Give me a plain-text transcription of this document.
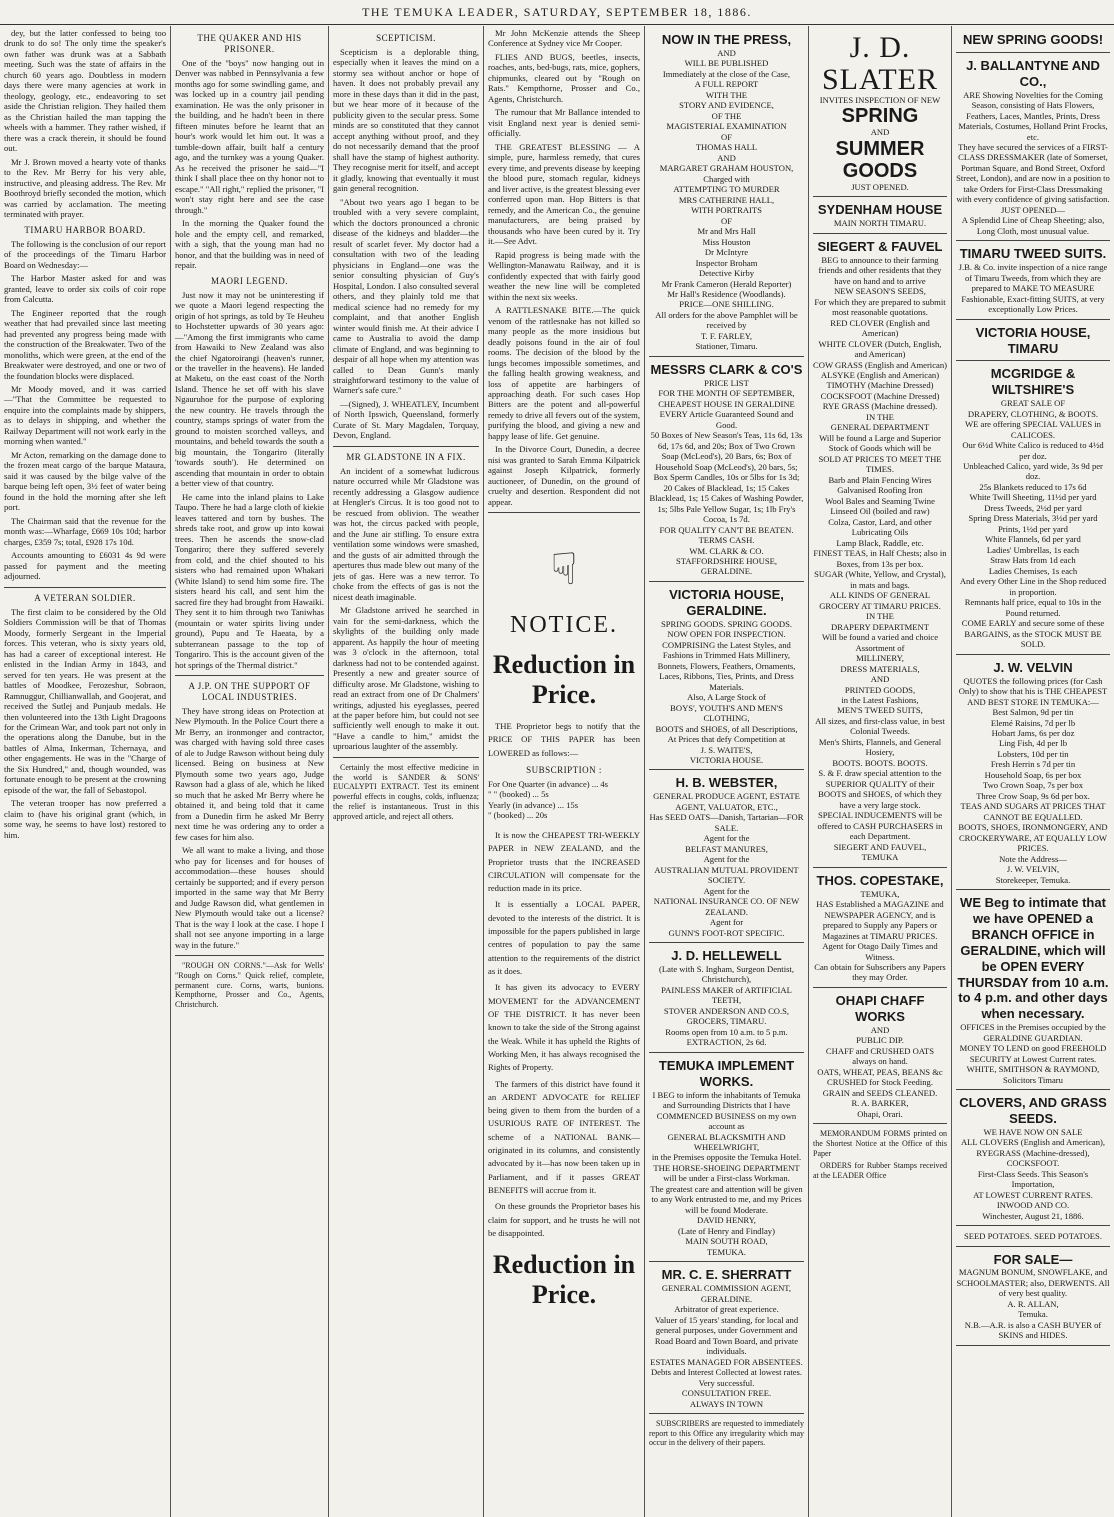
THE TEMUKA LEADER, SATURDAY, SEPTEMBER 18, 1886.

dey, but the latter confessed to being too drunk to do so! The only time the speaker's own father was drunk was at a Sabbath meeting. Such was the state of affairs in the church 60 years ago. Doubtless in modern days there were many agencies at work in theology, geology, etc., endeavoring to set aside the Christian religion. They hailed them as the Christian hailed the man tapping the wheels with a hammer. They rather wished, if there was a crack therein, it should be found out.

Mr J. Brown moved a hearty vote of thanks to the Rev. Mr Berry for his very able, instructive, and pleasing address. The Rev. Mr Boothroyd briefly seconded the motion, which was carried by acclamation. The meeting terminated with prayer.

TIMARU HARBOR BOARD.

The following is the conclusion of our report of the proceedings of the Timaru Harbor Board on Wednesday:—

The Harbor Master asked for and was granted, leave to order six coils of coir rope from Calcutta.

The Engineer reported that the rough weather that had prevailed since last meeting had prevented any progress being made with the construction of the Breakwater. Two of the monoliths, which were green, at the end of the Breakwater were destroyed, and one or two of the foundation blocks were displaced.

Mr Moody moved, and it was carried—"That the Committee be requested to enquire into the complaints made by shippers, as to delays in shipping, and whether the Railway Department will not work early in the morning when wanted."

Mr Acton, remarking on the damage done to the frozen meat cargo of the barque Mataura, said it was caused by the bilge valve of the barque being left open, 3½ feet of water being found in the hold the morning after she left port.

The Chairman said that the revenue for the month was:—Wharfage, £669 10s 10d; harbor charges, £359 7s; total, £928 17s 10d.

Accounts amounting to £6031 4s 9d were passed for payment and the meeting adjourned.

A VETERAN SOLDIER.

The first claim to be considered by the Old Soldiers Commission will be that of Thomas Moody, formerly Sergeant in the Imperial forces. This veteran, who is sixty years old, has had a career of exceptional interest. He enlisted in the Indian Army in 1843, and served for ten years. He was present at the battles of Moodkee, Ferozeshur, Sobraon, Ramnuggur, Chillianwallah, and Goojerat, and received the Sutlej and Punjaub medals. He then volunteered into the 13th Light Dragoons for the Crimean War, and took part not only in the operations along the Danube, but in the battles of Alma, Inkerman, Tchernaya, and other engagements. He was in the "Charge of the Six Hundred," and, though wounded, was fortunate enough to be present at the crowning episode of the war, the fall of Sebastopol.

The veteran trooper has now preferred a claim to (have his original grant (which, in some way, he seems to have lost) restored to him.

THE QUAKER AND HIS PRISONER.

One of the "boys" now hanging out in Denver was nabbed in Pennsylvania a few months ago for some swindling game, and was locked up in a country jail pending examination. He was the only prisoner in the building, and he hadn't been in there fifteen minutes before he learnt that an hour's work would let him out. It was a tumble-down affair, built half a century ago, and the turnkey was a young Quaker. As he received the prisoner he said—"I think I shall place thee on thy honor not to escape." "All right," replied the prisoner, "I won't stay right here and see the case through."

In the morning the Quaker found the hole and the empty cell, and remarked, with a sigh, that the young man had no honor, and that the building was in need of repair.

MAORI LEGEND.

Just now it may not be uninteresting if we quote a Maori legend respecting the origin of hot springs, as told by Te Heuheu to Hochstetter upwards of 30 years ago:—"Among the first immigrants who came from Hawaiki to New Zealand was also the chief Ngatoroirangi (heaven's runner, or the traveller in the heavens). He landed at Maketu, on the east coast of the North Island. Thence he set off with his slave Ngauruhoe for the purpose of exploring the new country. He travels through the country, stamps springs of water from the ground to moisten scorched valleys, and mountains, and beheld towards the south a big mountain, the Tongariro (literally 'towards south'). He determined on ascending that mountain in order to obtain a better view of that country.

He came into the inland plains to Lake Taupo. There he had a large cloth of kiekie leaves tattered and torn by bushes. The shreds take root, and grow up into kowai trees. Then he ascends the snow-clad Tongariro; there they suffered severely from cold, and the chief shouted to his sisters who had remained upon Whakari (White Island) to send him some fire. The sisters heard his call, and sent him the sacred fire they had brought from Hawaiki. They sent it to him through two Taniwhas (mountain or water spirits living under ground), Pupu and Te Haeata, by a subterranean passage to the top of Tongariro. This is the account given of the hot springs of the Thermal district."

A J.P. ON THE SUPPORT OF LOCAL INDUSTRIES.

They have strong ideas on Protection at New Plymouth. In the Police Court there a Mr Berry, an ironmonger and contractor, was charged with having sold three cases of ale to Judge Rawson without being duly licensed. Being on business at New Plymouth some two years ago, Judge Rawson had a glass of ale, which he liked so much that he asked Mr Berry where he obtained it, and being told that it came from a Dunedin firm he asked Mr Berry next time he was ordering any to order a few cases for him also.

We all want to make a living, and those who pay for licenses and for houses of accommodation—these houses should certainly be supported; and if every person imported in the same way that Mr Berry and Judge Rawson did, what gentlemen in New Plymouth would take out a license? That is the way I look at the case. I hope I shall not see anyone importing in a large way in the future."

"ROUGH ON CORNS."—Ask for Wells' "Rough on Corns." Quick relief, complete, permanent cure. Corns, warts, bunions. Kempthorne, Prosser and Co., Agents, Christchurch.

SCEPTICISM.

Scepticism is a deplorable thing, especially when it leaves the mind on a stormy sea without anchor or hope of haven. It does not probably prevail any more in these days than it did in the past, but we hear more of it because of the publicity given to the secular press. Some minds are so constituted that they cannot accept anything without proof, and they do not necessarily demand that the proof shall have the stamp of highest authority. They recognise merit for itself, and accept it gladly, knowing that eventually it must gain general recognition.

"About two years ago I began to be troubled with a very severe complaint, which the doctors pronounced a chronic disease of the kidneys and bladder—the result of scarlet fever. My doctor had a consultation with two of the leading physicians in England—one was the senior consulting physician of Guy's Hospital, London. I also consulted several others, and they plainly told me that medical science had no remedy for my complaint, and that another English winter would finish me. At their advice I came to Australia to avoid the damp climate of England, and was beginning to despair of all hope when my attention was called to Dean Gunn's manly straightforward testimony to the value of Warner's safe cure."

—(Signed), J. WHEATLEY, Incumbent of North Ipswich, Queensland, formerly Curate of St. Mary Magdalen, Torquay, Devon, England.

MR GLADSTONE IN A FIX.

An incident of a somewhat ludicrous nature occurred while Mr Gladstone was recently addressing a Glasgow audience at Hengler's Circus. It is too good not to be rescued from oblivion. The weather was hot, the circus packed with people, and the June air stifling. To ensure extra ventilation some windows were smashed, and the gusts of air admitted through the apertures thus made blew out many of the jets of gas. Here was a new terror. To choke from the effects of gas is not the nicest death imaginable.

Mr Gladstone arrived he searched in vain for the semi-darkness, which the skylights of the building only made apparent. As happily the hour of meeting was 3 o'clock in the afternoon, total darkness had not to be contended against. Presently a new and greater source of difficulty arose. Mr Gladstone, wishing to read an extract from one of Dr Chalmers' writings, adjusted his eyeglasses, peered at the paper before him, but could not see sufficiently well enough to make it out. "Have a candle to him," amidst the uproarious laughter of the assembly.

Certainly the most effective medicine in the world is SANDER & SONS' EUCALYPTI EXTRACT. Test its eminent powerful effects in coughs, colds, influenza; the relief is instantaneous. Trust in this approved article, and reject all others.

Mr John McKenzie attends the Sheep Conference at Sydney vice Mr Cooper.

FLIES AND BUGS, beetles, insects, roaches, ants, bed-bugs, rats, mice, gophers, chipmunks, cleared out by "Rough on Rats." Kempthorne, Prosser and Co., Agents, Christchurch.

The rumour that Mr Ballance intended to visit England next year is denied semi-officially.

THE GREATEST BLESSING — A simple, pure, harmless remedy, that cures every time, and prevents disease by keeping the blood pure, stomach regular, kidneys and liver active, is the greatest blessing ever conferred upon man. Hop Bitters is that remedy, and the American Co., the genuine manufacturers, are being praised by thousands who have been cured by it. Try it.—See Advt.

Rapid progress is being made with the Wellington-Manawatu Railway, and it is confidently expected that with fairly good weather the new line will be completed within the next six weeks.

A RATTLESNAKE BITE.—The quick venom of the rattlesnake has not killed so many people as the more insidious but deadly poisons found in the air of foul rooms. The decision of the blood by the lungs becomes impossible sometimes, and the falling health growing weakness, and loss of appetite are harbingers of approaching death. For such cases Hop Bitters are the potent and all-powerful remedy to drive all fevers out of the system, purifying the blood, and giving a new and happy lease of life. Get genuine.

In the Divorce Court, Dunedin, a decree nisi was granted to Sarah Emma Kilpatrick against Joseph Kilpatrick, formerly auctioneer, of Dunedin, on the ground of cruelty and desertion. Respondent did not appear.

☟
NOTICE.
Reduction in Price.

THE Proprietor begs to notify that the PRICE OF THIS PAPER has been LOWERED as follows:—

SUBSCRIPTION :
For One Quarter (in advance) ... 4s
" " (booked) ... 5s
Yearly (in advance) ... 15s
" (booked) ... 20s

It is now the CHEAPEST TRI-WEEKLY PAPER in NEW ZEALAND, and the Proprietor trusts that the INCREASED CIRCULATION will compensate for the reduction made in its price.

It is essentially a LOCAL PAPER, devoted to the interests of the district. It is impossible for the papers published in large centres of population to pay the same attention to the requirements of the district as it does.

It has given its advocacy to EVERY MOVEMENT for the ADVANCEMENT OF THE DISTRICT. It has never been known to take the side of the Strong against the Weak. While it has upheld the Rights of Working Men, it has always recognised the Rights of Property.

The farmers of this district have found it an ARDENT ADVOCATE for RELIEF being given to them from the burden of a USURIOUS RATE OF INTEREST. The scheme of a NATIONAL BANK—originated in its columns, and consistently advocated by it—has now been taken up in Parliament, and if it passes GREAT BENEFITS will accrue from it.

On these grounds the Proprietor bases his claim for support, and he trusts he will not be disappointed.

Reduction in Price.
NOW IN THE PRESS,
AND
WILL BE PUBLISHED
Immediately at the close of the Case,
A FULL REPORT
WITH THE
STORY AND EVIDENCE,
OF THE
MAGISTERIAL EXAMINATION
OF
THOMAS HALL
AND
MARGARET GRAHAM HOUSTON,
Charged with
ATTEMPTING TO MURDER
MRS CATHERINE HALL,
WITH PORTRAITS
OF
Mr and Mrs Hall
Miss Houston
Dr McIntyre
Inspector Broham
Detective Kirby
Mr Frank Cameron (Herald Reporter)
Mr Hall's Residence (Woodlands).
PRICE—ONE SHILLING.
All orders for the above Pamphlet will be received by
T. F. FARLEY,
Stationer, Timaru.
MESSRS CLARK & CO'S
PRICE LIST
FOR THE MONTH OF SEPTEMBER,
CHEAPEST HOUSE IN GERALDINE
EVERY Article Guaranteed Sound and Good.
50 Boxes of New Season's Teas, 11s 6d, 13s 6d, 17s 6d, and 20s; Box of Two Crown Soap (McLeod's), 20 Bars, 6s; Box of Household Soap (McLeod's), 20 bars, 5s; Box Sperm Candles, 10s or 5lbs for 1s 3d; 20 Cakes of Blacklead, 1s; 15 Cakes Blacklead, 1s; 15 Cakes of Washing Powder, 1s; 5lbs Pale Yellow Sugar, 1s; 1lb Fry's Cocoa, 1s 7d.
FOR QUALITY CAN'T BE BEATEN.
TERMS CASH.
WM. CLARK & CO.
STAFFORDSHIRE HOUSE,
GERALDINE.
VICTORIA HOUSE, GERALDINE.
SPRING GOODS. SPRING GOODS.
NOW OPEN FOR INSPECTION.
COMPRISING the Latest Styles, and Fashions in Trimmed Hats Millinery, Bonnets, Flowers, Feathers, Ornaments, Laces, Ribbons, Ties, Prints, and Dress Materials.
Also, A Large Stock of
BOYS', YOUTH'S AND MEN'S CLOTHING,
BOOTS and SHOES, of all Descriptions,
At Prices that defy Competition at
J. S. WAITE'S,
VICTORIA HOUSE.
H. B. WEBSTER,
GENERAL PRODUCE AGENT, ESTATE AGENT, VALUATOR, ETC.,
Has SEED OATS—Danish, Tartarian—FOR SALE.
Agent for the
BELFAST MANURES,
Agent for the
AUSTRALIAN MUTUAL PROVIDENT SOCIETY.
Agent for the
NATIONAL INSURANCE CO. OF NEW ZEALAND.
Agent for
GUNN'S FOOT-ROT SPECIFIC.
J. D. HELLEWELL
(Late with S. Ingham, Surgeon Dentist, Christchurch),
PAINLESS MAKER of ARTIFICIAL TEETH,
STOVER ANDERSON AND CO.S, GROCERS, TIMARU.
Rooms open from 10 a.m. to 5 p.m.
EXTRACTION, 2s 6d.
TEMUKA IMPLEMENT WORKS.
I BEG to inform the inhabitants of Temuka and Surrounding Districts that I have COMMENCED BUSINESS on my own account as
GENERAL BLACKSMITH AND WHEELWRIGHT,
in the Premises opposite the Temuka Hotel.
THE HORSE-SHOEING DEPARTMENT will be under a First-class Workman.
The greatest care and attention will be given to any Work entrusted to me, and my Prices will be found Moderate.
DAVID HENRY,
(Late of Henry and Findlay)
MAIN SOUTH ROAD,
TEMUKA.
MR. C. E. SHERRATT
GENERAL COMMISSION AGENT,
GERALDINE.
Arbitrator of great experience.
Valuer of 15 years' standing, for local and general purposes, under Government and Road Board and Town Board, and private individuals.
ESTATES MANAGED FOR ABSENTEES.
Debts and Interest Collected at lowest rates. Very successful.
CONSULTATION FREE.
ALWAYS IN TOWN

SUBSCRIBERS are requested to immediately report to this Office any irregularity which may occur in the delivery of their papers.

J. D. SLATER
INVITES INSPECTION OF NEW
SPRING
AND
SUMMER GOODS
JUST OPENED.
SYDENHAM HOUSE
MAIN NORTH TIMARU.
SIEGERT & FAUVEL
BEG to announce to their farming friends and other residents that they have on hand and to arrive
NEW SEASON'S SEEDS,
For which they are prepared to submit most reasonable quotations.
RED CLOVER (English and American)
WHITE CLOVER (Dutch, English, and American)
COW GRASS (English and American)
ALSYKE (English and American)
TIMOTHY (Machine Dressed)
COCKSFOOT (Machine Dressed)
RYE GRASS (Machine dressed).
IN THE
GENERAL DEPARTMENT
Will be found a Large and Superior Stock of Goods which will be
SOLD AT PRICES TO MEET THE TIMES.
Barb and Plain Fencing Wires
Galvanised Roofing Iron
Wool Bales and Seaming Twine
Linseed Oil (boiled and raw)
Colza, Castor, Lard, and other Lubricating Oils
Lamp Black, Raddle, etc.
FINEST TEAS, in Half Chests; also in Boxes, from 13s per box.
SUGAR (White, Yellow, and Crystal), in mats and bags.
ALL KINDS OF GENERAL GROCERY AT TIMARU PRICES.
IN THE
DRAPERY DEPARTMENT
Will be found a varied and choice Assortment of
MILLINERY,
DRESS MATERIALS,
AND
PRINTED GOODS,
in the Latest Fashions,
MEN'S TWEED SUITS,
All sizes, and first-class value, in best Colonial Tweeds.
Men's Shirts, Flannels, and General Hosiery,
BOOTS. BOOTS. BOOTS.
S. & F. draw special attention to the SUPERIOR QUALITY of their BOOTS and SHOES, of which they have a very large stock.
SPECIAL INDUCEMENTS will be offered to CASH PURCHASERS in each Department.
SIEGERT AND FAUVEL,
TEMUKA
THOS. COPESTAKE,
TEMUKA,
HAS Established a MAGAZINE and NEWSPAPER AGENCY, and is prepared to Supply any Papers or Magazines at TIMARU PRICES.
Agent for Otago Daily Times and Witness.
Can obtain for Subscribers any Papers they may Order.
OHAPI CHAFF WORKS
AND
PUBLIC DIP.
CHAFF and CRUSHED OATS always on hand.
OATS, WHEAT, PEAS, BEANS &c CRUSHED for Stock Feeding.
GRAIN and SEEDS CLEANED.
R. A. BARKER,
Ohapi, Orari.

MEMORANDUM FORMS printed on the Shortest Notice at the Office of this Paper

ORDERS for Rubber Stamps received at the LEADER Office

NEW SPRING GOODS!
J. BALLANTYNE AND CO.,
ARE Showing Novelties for the Coming Season, consisting of Hats Flowers, Feathers, Laces, Mantles, Prints, Dress Materials, Costumes, Holland Print Frocks, etc.
They have secured the services of a FIRST-CLASS DRESSMAKER (late of Somerset, Portman Square, and Bond Street, Oxford Street, London), and are now in a position to take Orders for First-Class Dressmaking with every confidence of giving satisfaction.
JUST OPENED—
A Splendid Line of Cheap Sheeting; also, Long Cloth, most unusual value.
TIMARU TWEED SUITS.
J.B. & Co. invite inspection of a nice range of Timaru Tweeds, from which they are prepared to MAKE TO MEASURE Fashionable, Exact-fitting SUITS, at very exceptionally Low Prices.
VICTORIA HOUSE, TIMARU
MCGRIDGE & WILTSHIRE'S
GREAT SALE OF
DRAPERY, CLOTHING, & BOOTS.
WE are offering SPECIAL VALUES in CALICOES.
Our 6½d White Calico is reduced to 4½d per doz.
Unbleached Calico, yard wide, 3s 9d per doz.
25s Blankets reduced to 17s 6d
White Twill Sheeting, 11½d per yard
Dress Tweeds, 2½d per yard
Spring Dress Materials, 3½d per yard
Prints, 1½d per yard
White Flannels, 6d per yard
Ladies' Umbrellas, 1s each
Straw Hats from 1d each
Ladies Chemises, 1s each
And every Other Line in the Shop reduced in proportion.
Remnants half price, equal to 10s in the Pound returned.
COME EARLY and secure some of these BARGAINS, as the STOCK MUST BE SOLD.
J. W. VELVIN
QUOTES the following prices (for Cash Only) to show that his is THE CHEAPEST AND BEST STORE IN TEMUKA:—
Best Salmon, 9d per tin
Elemé Raisins, 7d per lb
Hobart Jams, 6s per doz
Ling Fish, 4d per lb
Lobsters, 10d per tin
Fresh Herrin s 7d per tin
Household Soap, 6s per box
Two Crown Soap, 7s per box
Three Crow Soap, 9s 6d per box.
TEAS AND SUGARS AT PRICES THAT CANNOT BE EQUALLED.
BOOTS, SHOES, IRONMONGERY, AND CROCKERYWARE, AT EQUALLY LOW PRICES.
Note the Address—
J. W. VELVIN,
Storekeeper, Temuka.
WE Beg to intimate that we have OPENED a BRANCH OFFICE in GERALDINE, which will be OPEN EVERY THURSDAY from 10 a.m. to 4 p.m. and other days when necessary.
OFFICES in the Premises occupied by the GERALDINE GUARDIAN.
MONEY TO LEND on good FREEHOLD SECURITY at Lowest Current rates.
WHITE, SMITHSON & RAYMOND, Solicitors Timaru
CLOVERS, AND GRASS SEEDS.
WE HAVE NOW ON SALE
ALL CLOVERS (English and American),
RYEGRASS (Machine-dressed),
COCKSFOOT.
First-Class Seeds. This Season's Importation,
AT LOWEST CURRENT RATES.
INWOOD AND CO.
Winchester, August 21, 1886.
SEED POTATOES. SEED POTATOES.
FOR SALE—
MAGNUM BONUM, SNOWFLAKE, and SCHOOLMASTER; also, DERWENTS. All of very best quality.
A. R. ALLAN,
Temuka.
N.B.—A.R. is also a CASH BUYER of SKINS and HIDES.
